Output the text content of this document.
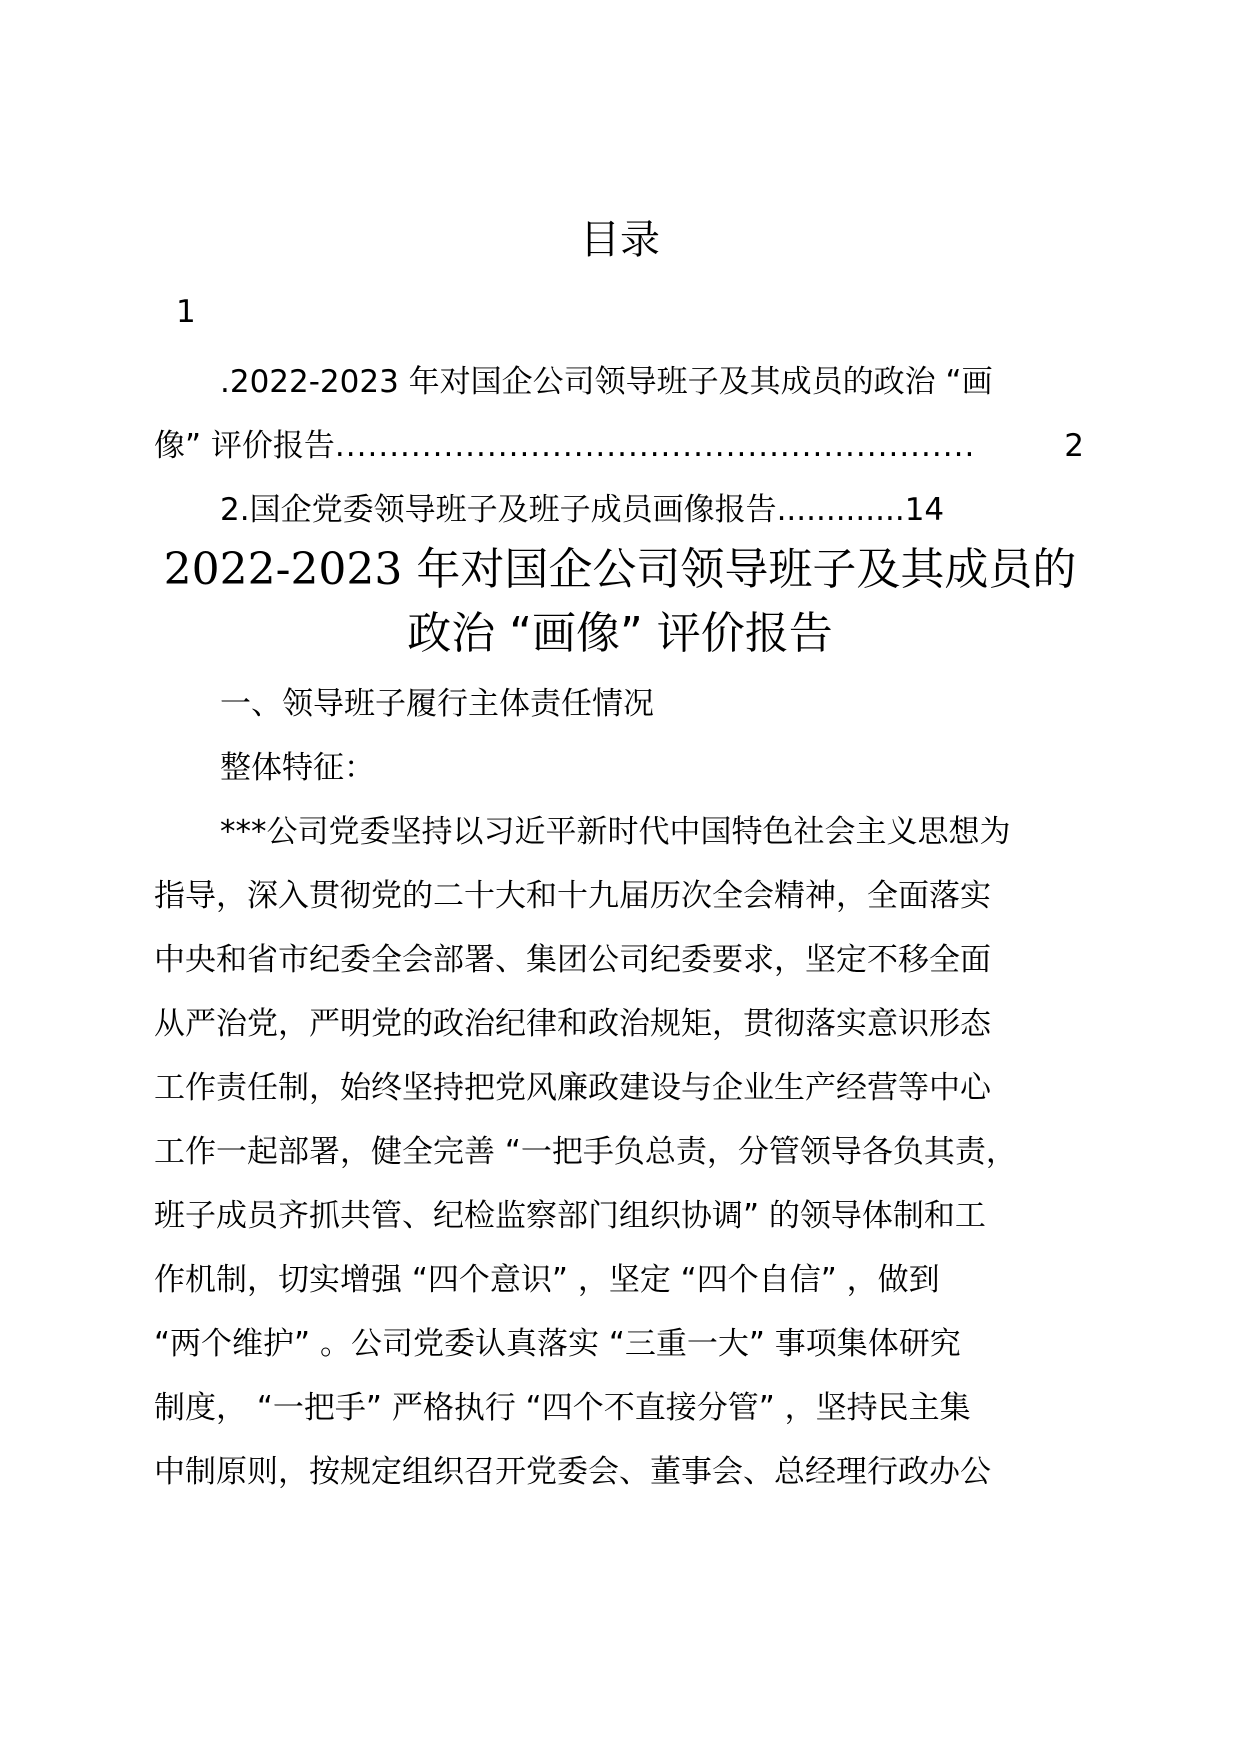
目录
1
.2022-2023 年对国企公司领导班子及其成员的政治 “画
像” 评价报告 ...........................................................	2
2.国企党委领导班子及班子成员画像报告 ............. 14
2022-2023 年对国企公司领导班子及其成员的
政治 “画像” 评价报告
一、领导班子履行主体责任情况
整体特征：
***公司党委坚持以习近平新时代中国特色社会主义思想为
指导，深入贯彻党的二十大和十九届历次全会精神，全面落实
中央和省市纪委全会部署、集团公司纪委要求，坚定不移全面
从严治党，严明党的政治纪律和政治规矩，贯彻落实意识形态
工作责任制，始终坚持把党风廉政建设与企业生产经营等中心
工作一起部署，健全完善 “一把手负总责，分管领导各负其责，
班子成员齐抓共管、纪检监察部门组织协调” 的领导体制和工
作机制，切实增强 “四个意识” ，坚定 “四个自信” ，做到
“两个维护” 。公司党委认真落实 “三重一大” 事项集体研究
制度， “一把手” 严格执行 “四个不直接分管” ，坚持民主集
中制原则，按规定组织召开党委会、董事会、总经理行政办公
